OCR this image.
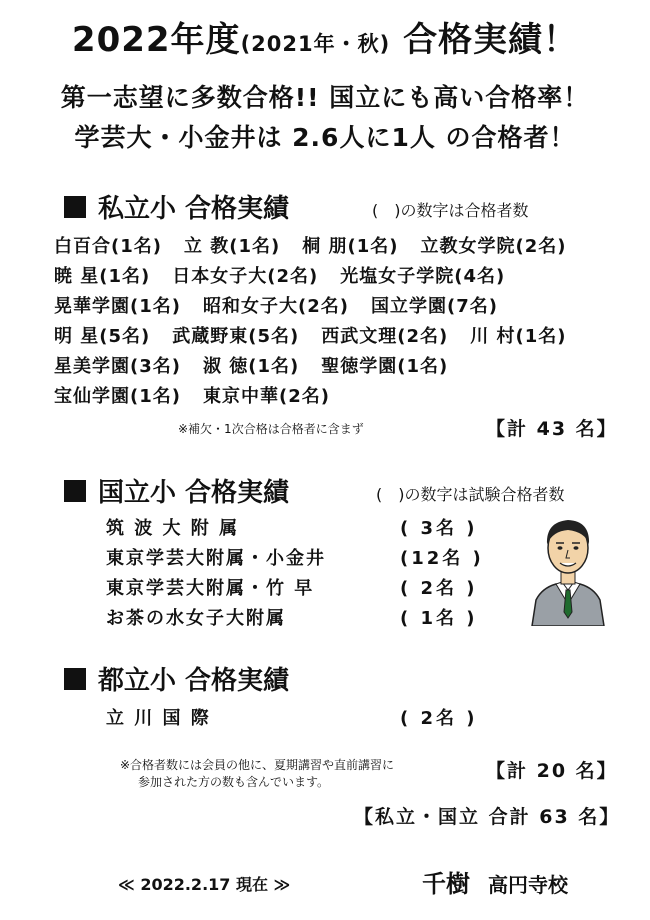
2022年度(2021年・秋) 合格実績！
第一志望に多数合格!! 国立にも高い合格率！
学芸大・小金井は 2.6人に1人 の合格者！
私立小 合格実績	(　)の数字は合格者数
白百合(1名) 立 教(1名) 桐 朋(1名) 立教女学院(2名)
暁 星(1名) 日本女子大(2名) 光塩女子学院(4名)
晃華学園(1名) 昭和女子大(2名) 国立学園(7名)
明 星(5名) 武蔵野東(5名) 西武文理(2名) 川 村(1名)
星美学園(3名) 淑 徳(1名) 聖徳学園(1名)
宝仙学園(1名) 東京中華(2名)
※補欠・1次合格は合格者に含まず	【計 43 名】
国立小 合格実績	(　)の数字は試験合格者数
筑 波 大 附 属	( 3名 )
東京学芸大附属・小金井	(12名 )
東京学芸大附属・竹 早	( 2名 )
お茶の水女子大附属	( 1名 )
都立小 合格実績
立 川 国 際	( 2名 )
※合格者数には会員の他に、夏期講習や直前講習に
参加された方の数も含んでいます。	【計 20 名】
【私立・国立 合計 63 名】
≪ 2022.2.17 現在 ≫	千樹 高円寺校
